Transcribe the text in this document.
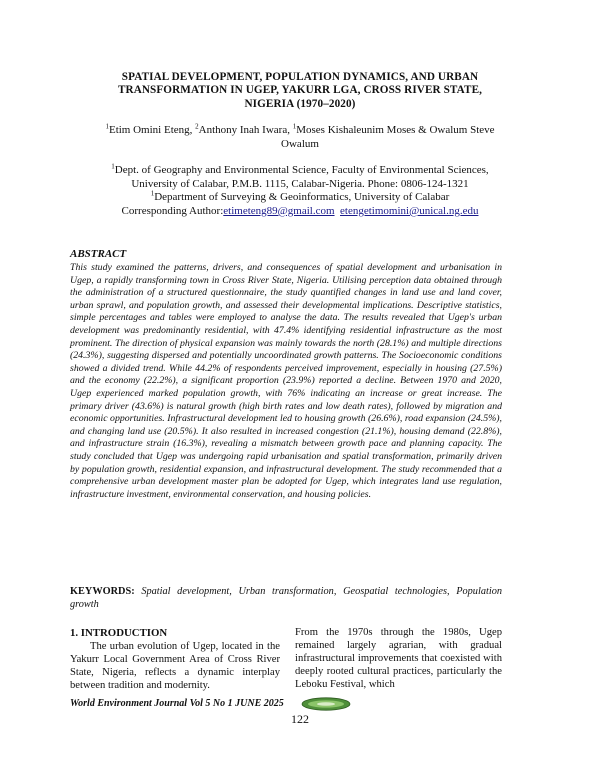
SPATIAL DEVELOPMENT, POPULATION DYNAMICS, AND URBAN
TRANSFORMATION IN UGEP, YAKURR LGA, CROSS RIVER STATE,
NIGERIA (1970–2020)
$^1$Etim Omini Eteng, $^2$Anthony Inah Iwara, $^1$Moses Kishaleunim Moses & Owalum Steve
Owalum
$^1$Dept. of Geography and Environmental Science, Faculty of Environmental Sciences,
University of Calabar, P.M.B. 1115, Calabar-Nigeria. Phone: 0806-124-1321
$^1$Department of Surveying & Geoinformatics, University of Calabar
Corresponding Author:etimeteng89@gmail.com etengetimomini@unical.ng.edu
ABSTRACT
This study examined the patterns, drivers, and consequences of spatial development and urbanisation in Ugep, a rapidly transforming town in Cross River State, Nigeria. Utilising perception data obtained through the administration of a structured questionnaire, the study quantified changes in land use and land cover, urban sprawl, and population growth, and assessed their developmental implications. Descriptive statistics, simple percentages and tables were employed to analyse the data. The results revealed that Ugep's urban development was predominantly residential, with 47.4% identifying residential infrastructure as the most prominent. The direction of physical expansion was mainly towards the north (28.1%) and multiple directions (24.3%), suggesting dispersed and potentially uncoordinated growth patterns. The Socioeconomic conditions showed a divided trend. While 44.2% of respondents perceived improvement, especially in housing (27.5%) and the economy (22.2%), a significant proportion (23.9%) reported a decline. Between 1970 and 2020, Ugep experienced marked population growth, with 76% indicating an increase or great increase. The primary driver (43.6%) is natural growth (high birth rates and low death rates), followed by migration and economic opportunities. Infrastructural development led to housing growth (26.6%), road expansion (24.5%), and changing land use (20.5%). It also resulted in increased congestion (21.1%), housing demand (22.8%), and infrastructure strain (16.3%), revealing a mismatch between growth pace and planning capacity. The study concluded that Ugep was undergoing rapid urbanisation and spatial transformation, primarily driven by population growth, residential expansion, and infrastructural development. The study recommended that a comprehensive urban development master plan be adopted for Ugep, which integrates land use regulation, infrastructure investment, environmental conservation, and housing policies.
KEYWORDS: Spatial development, Urban transformation, Geospatial technologies, Population growth
1. INTRODUCTION
The urban evolution of Ugep, located in the Yakurr Local Government Area of Cross River State, Nigeria, reflects a dynamic interplay between tradition and modernity.
From the 1970s through the 1980s, Ugep remained largely agrarian, with gradual infrastructural improvements that coexisted with deeply rooted cultural practices, particularly the Leboku Festival, which
World Environment Journal Vol 5 No 1 JUNE 2025
122
